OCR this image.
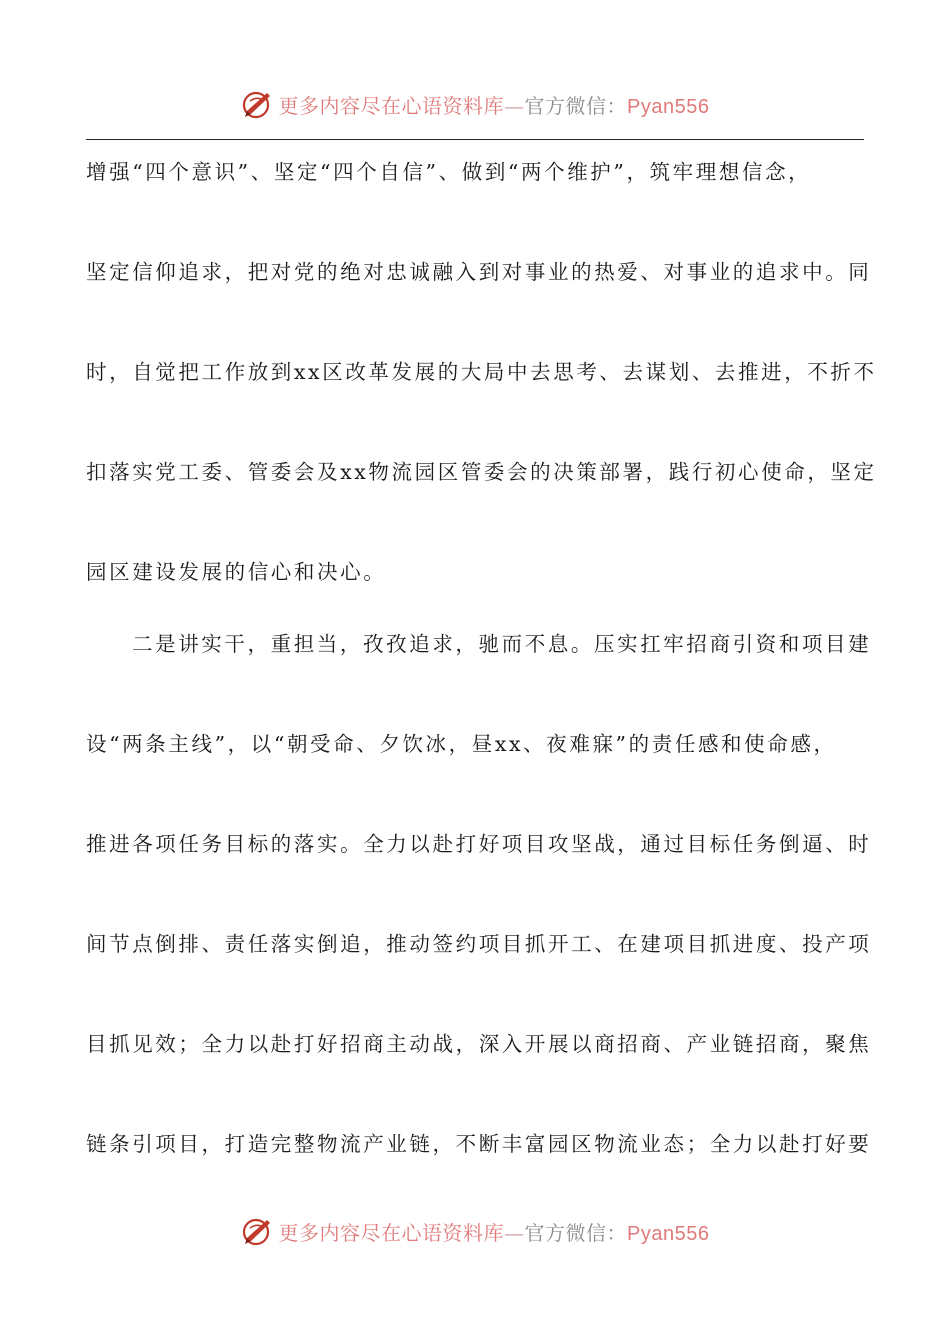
更多内容尽在心语资料库—官方微信：Pyan556
增强“四个意识”、坚定“四个自信”、做到“两个维护”，筑牢理想信念，
坚定信仰追求，把对党的绝对忠诚融入到对事业的热爱、对事业的追求中。同
时，自觉把工作放到xx区改革发展的大局中去思考、去谋划、去推进，不折不
扣落实党工委、管委会及xx物流园区管委会的决策部署，践行初心使命，坚定
园区建设发展的信心和决心。
二是讲实干，重担当，孜孜追求，驰而不息。压实扛牢招商引资和项目建
设“两条主线”，以“朝受命、夕饮冰，昼xx、夜难寐”的责任感和使命感，
推进各项任务目标的落实。全力以赴打好项目攻坚战，通过目标任务倒逼、时
间节点倒排、责任落实倒追，推动签约项目抓开工、在建项目抓进度、投产项
目抓见效；全力以赴打好招商主动战，深入开展以商招商、产业链招商，聚焦
链条引项目，打造完整物流产业链，不断丰富园区物流业态；全力以赴打好要
更多内容尽在心语资料库—官方微信：Pyan556
